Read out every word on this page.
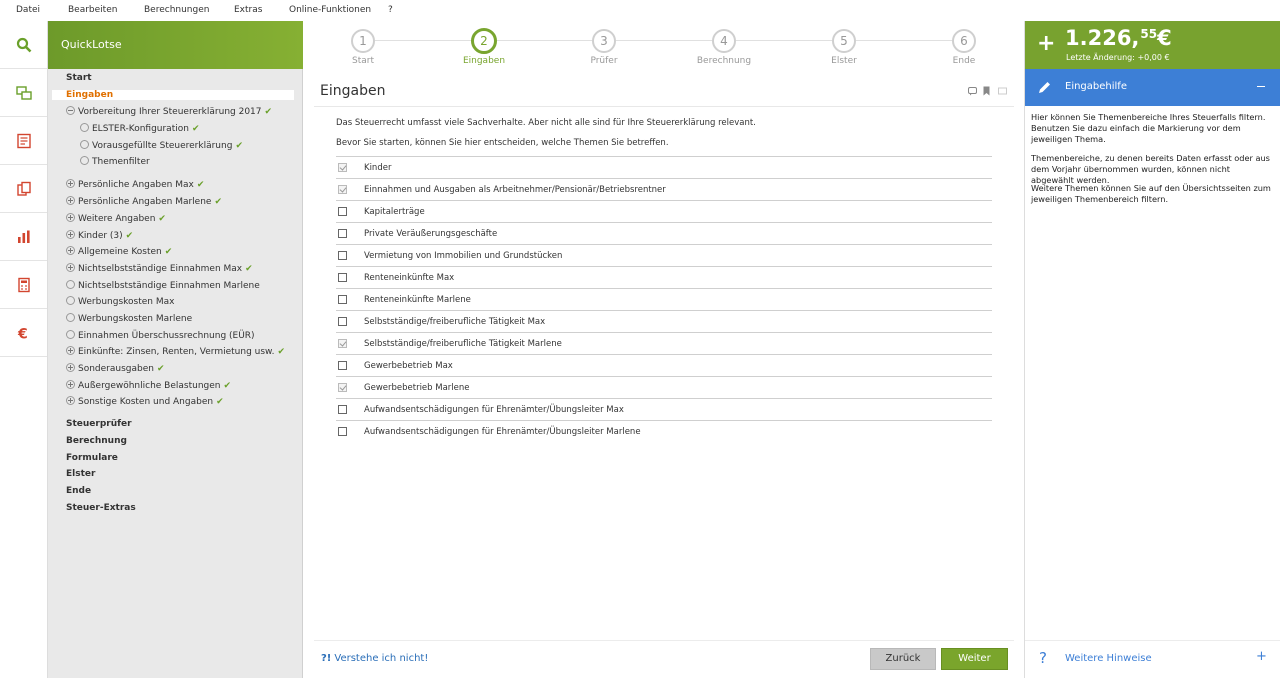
Datei	Bearbeiten	Berechnungen	Extras	Online-Funktionen ?
€
QuickLotse
Start
Eingaben
Vorbereitung Ihrer Steuererklärung 2017 ✔
ELSTER-Konfiguration ✔
Vorausgefüllte Steuererklärung ✔
Themenfilter
Persönliche Angaben Max ✔
Persönliche Angaben Marlene ✔
Weitere Angaben ✔
Kinder (3) ✔
Allgemeine Kosten ✔
Nichtselbstständige Einnahmen Max ✔
Nichtselbstständige Einnahmen Marlene
Werbungskosten Max
Werbungskosten Marlene
Einnahmen Überschussrechnung (EÜR)
Einkünfte: Zinsen, Renten, Vermietung usw. ✔
Sonderausgaben ✔
Außergewöhnliche Belastungen ✔
Sonstige Kosten und Angaben ✔
Steuerprüfer
Berechnung
Formulare
Elster
Ende
Steuer-Extras
1
Start
2
Eingaben
3
Prüfer
4
Berechnung
5
Elster
6
Ende
Eingaben
Das Steuerrecht umfasst viele Sachverhalte. Aber nicht alle sind für Ihre Steuererklärung relevant.
Bevor Sie starten, können Sie hier entscheiden, welche Themen Sie betreffen.
Kinder
Einnahmen und Ausgaben als Arbeitnehmer/Pensionär/Betriebsrentner
Kapitalerträge
Private Veräußerungsgeschäfte
Vermietung von Immobilien und Grundstücken
Renteneinkünfte Max
Renteneinkünfte Marlene
Selbstständige/freiberufliche Tätigkeit Max
Selbstständige/freiberufliche Tätigkeit Marlene
Gewerbebetrieb Max
Gewerbebetrieb Marlene
Aufwandsentschädigungen für Ehrenämter/Übungsleiter Max
Aufwandsentschädigungen für Ehrenämter/Übungsleiter Marlene
?! Verstehe ich nicht!	Zurück	Weiter
+ 1.226,55€
Letzte Änderung: +0,00 €
Eingabehilfe
Hier können Sie Themenbereiche Ihres Steuerfalls filtern. Benutzen Sie dazu einfach die Markierung vor dem jeweiligen Thema.
Themenbereiche, zu denen bereits Daten erfasst oder aus dem Vorjahr übernommen wurden, können nicht abgewählt werden.
Weitere Themen können Sie auf den Übersichtsseiten zum jeweiligen Themenbereich filtern.
? Weitere Hinweise	+
